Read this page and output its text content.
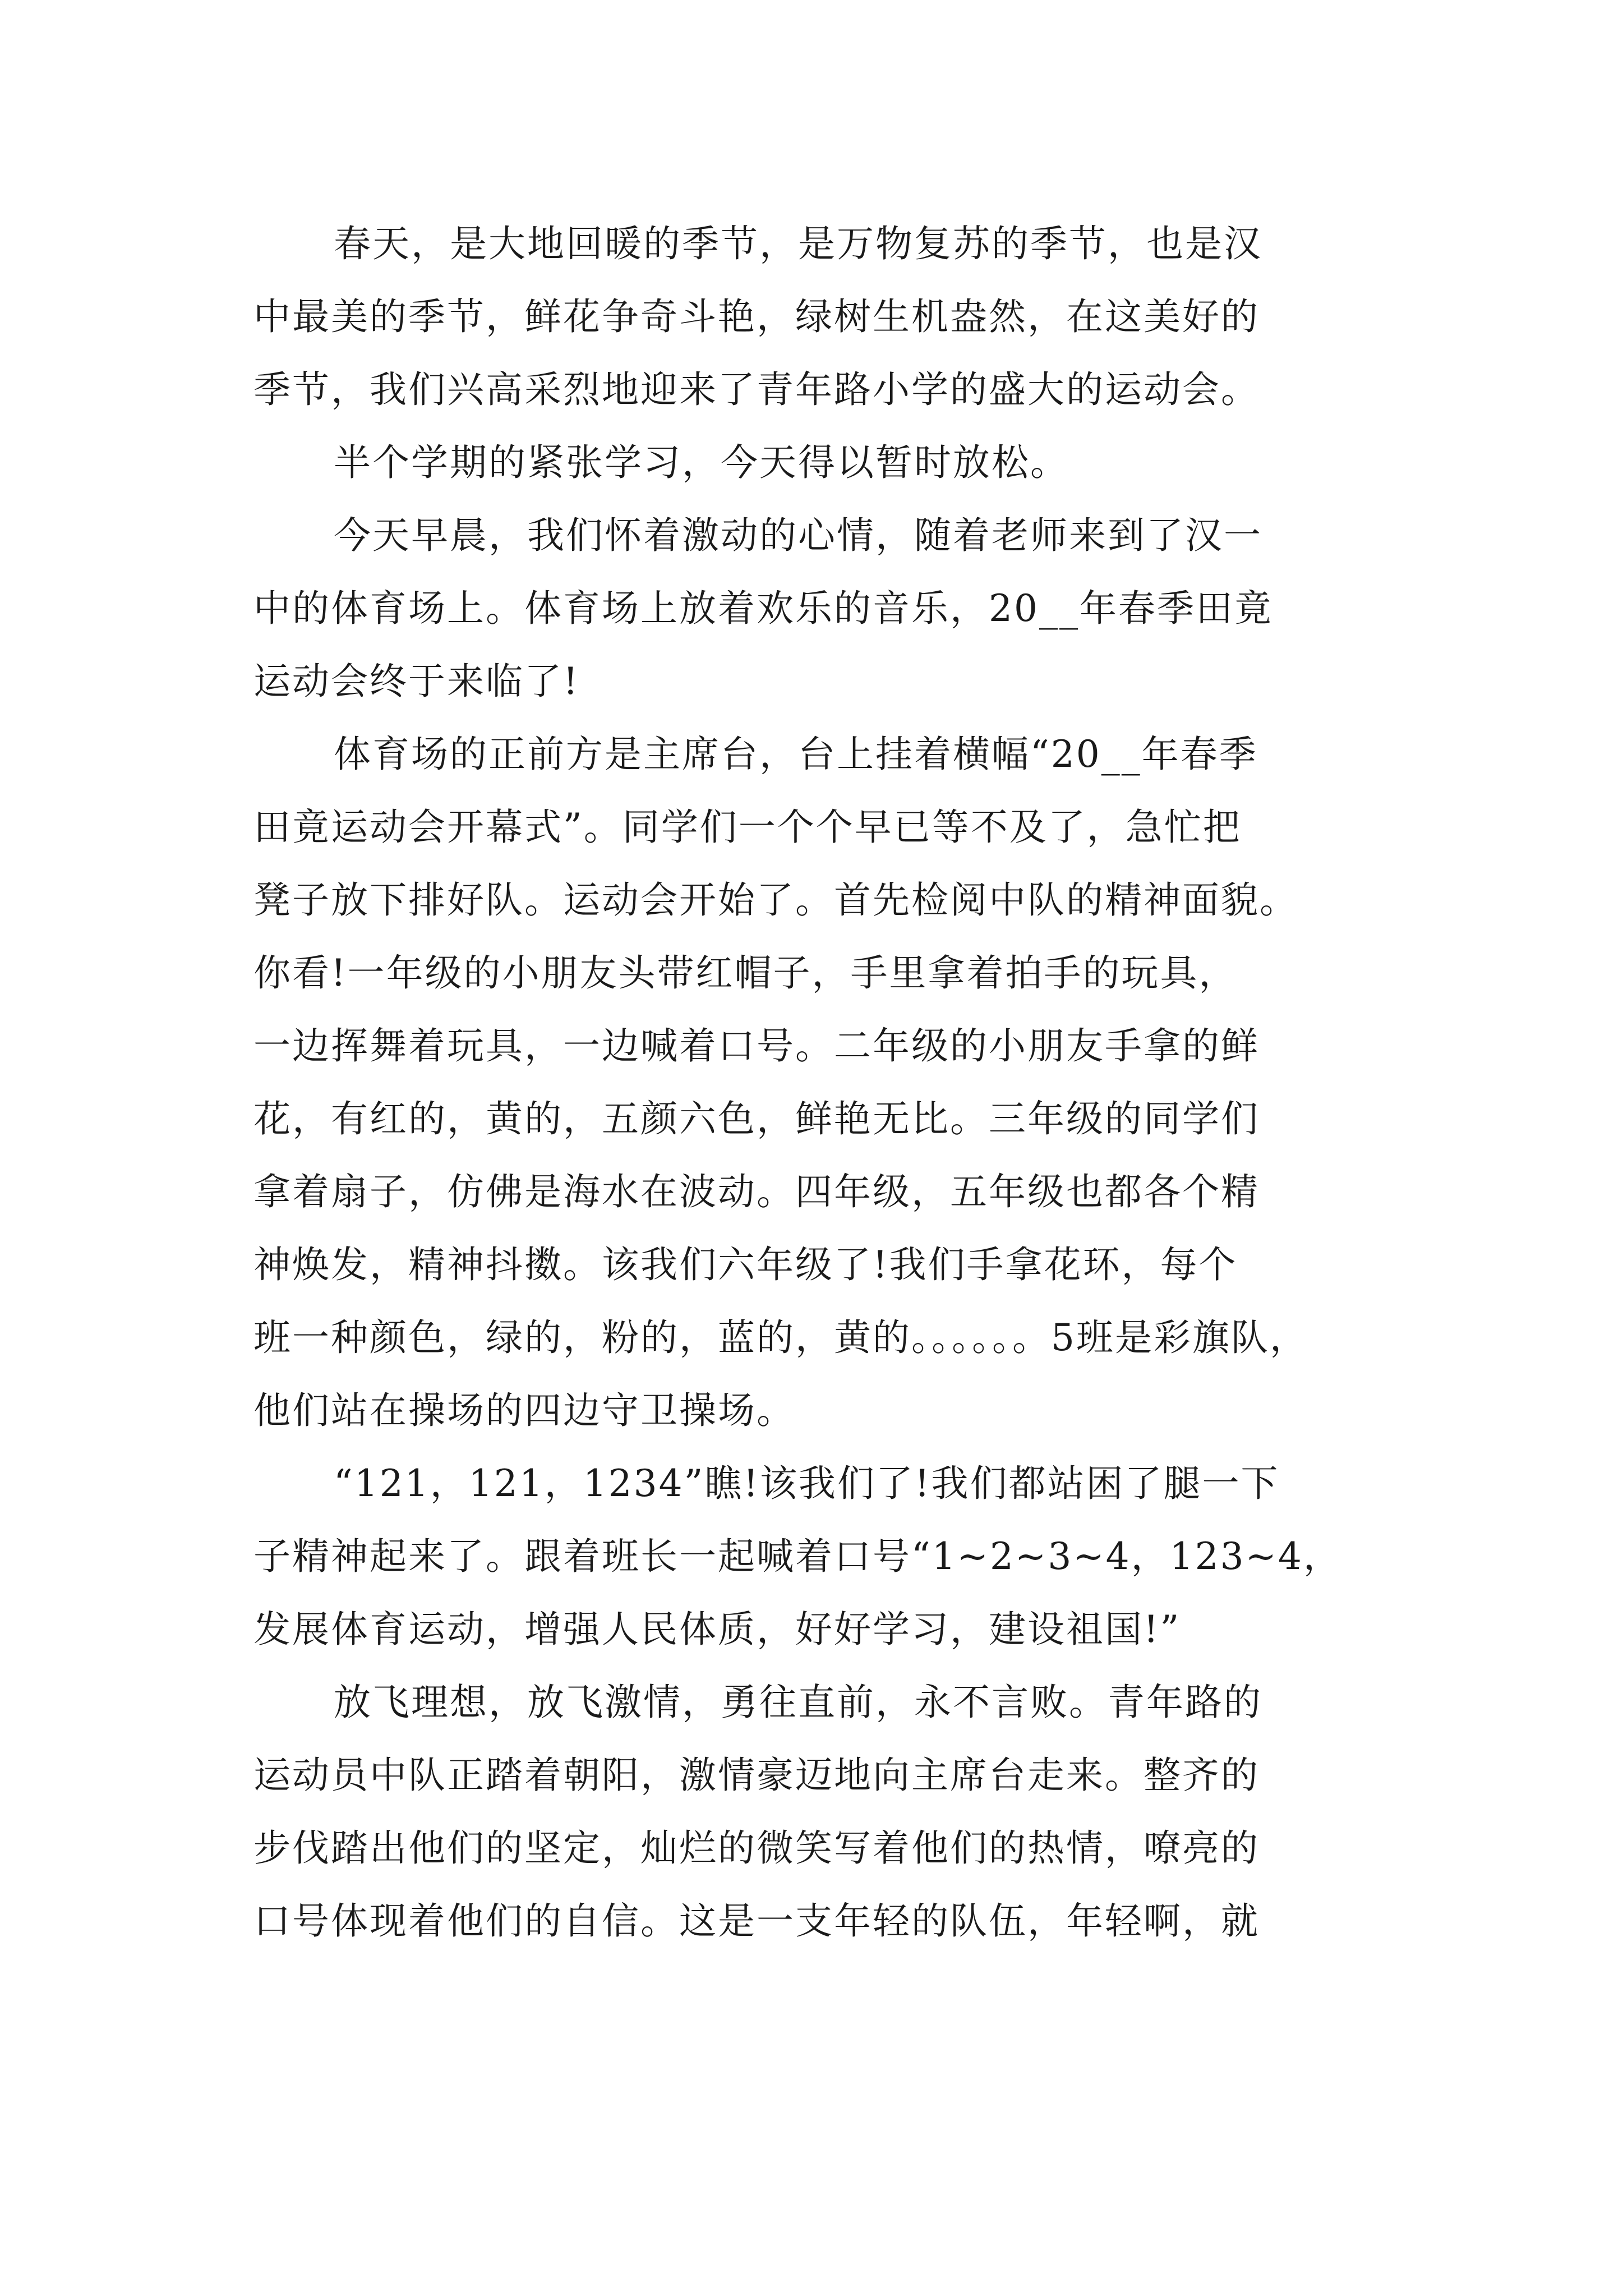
春天，是大地回暖的季节，是万物复苏的季节，也是汉
中最美的季节，鲜花争奇斗艳，绿树生机盎然，在这美好的
季节，我们兴高采烈地迎来了青年路小学的盛大的运动会。
半个学期的紧张学习，今天得以暂时放松。
今天早晨，我们怀着激动的心情，随着老师来到了汉一
中的体育场上。体育场上放着欢乐的音乐，20__年春季田竟
运动会终于来临了!
体育场的正前方是主席台，台上挂着横幅“20__年春季
田竟运动会开幕式”。同学们一个个早已等不及了，急忙把
凳子放下排好队。运动会开始了。首先检阅中队的精神面貌。
你看!一年级的小朋友头带红帽子，手里拿着拍手的玩具，
一边挥舞着玩具，一边喊着口号。二年级的小朋友手拿的鲜
花，有红的，黄的，五颜六色，鲜艳无比。三年级的同学们
拿着扇子，仿佛是海水在波动。四年级，五年级也都各个精
神焕发，精神抖擞。该我们六年级了!我们手拿花环，每个
班一种颜色，绿的，粉的，蓝的，黄的。。。。。。5班是彩旗队，
他们站在操场的四边守卫操场。
“121，121，1234”瞧!该我们了!我们都站困了腿一下
子精神起来了。跟着班长一起喊着口号“1~2~3~4，123~4，
发展体育运动，增强人民体质，好好学习，建设祖国!”
放飞理想，放飞激情，勇往直前，永不言败。青年路的
运动员中队正踏着朝阳，激情豪迈地向主席台走来。整齐的
步伐踏出他们的坚定，灿烂的微笑写着他们的热情，嘹亮的
口号体现着他们的自信。这是一支年轻的队伍，年轻啊，就
